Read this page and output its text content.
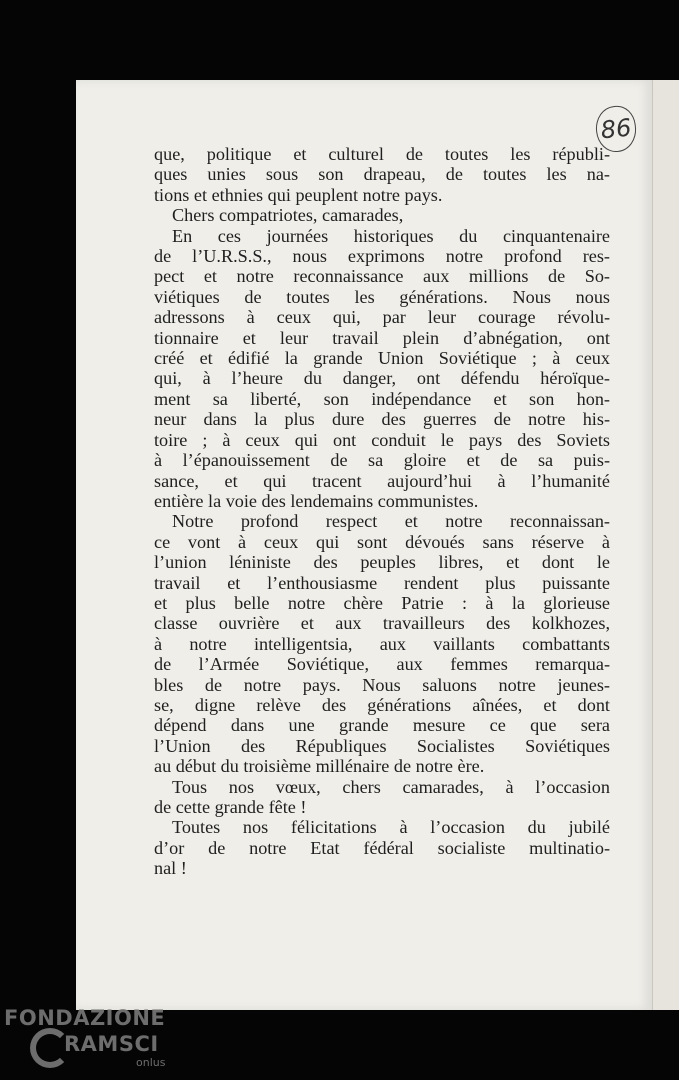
86
que, politique et culturel de toutes les républi-
ques unies sous son drapeau, de toutes les na-
tions et ethnies qui peuplent notre pays.
Chers compatriotes, camarades,
En ces journées historiques du cinquantenaire
de l’U.R.S.S., nous exprimons notre profond res-
pect et notre reconnaissance aux millions de So-
viétiques de toutes les générations. Nous nous
adressons à ceux qui, par leur courage révolu-
tionnaire et leur travail plein d’abnégation, ont
créé et édifié la grande Union Soviétique ; à ceux
qui, à l’heure du danger, ont défendu héroïque-
ment sa liberté, son indépendance et son hon-
neur dans la plus dure des guerres de notre his-
toire ; à ceux qui ont conduit le pays des Soviets
à l’épanouissement de sa gloire et de sa puis-
sance, et qui tracent aujourd’hui à l’humanité
entière la voie des lendemains communistes.
Notre profond respect et notre reconnaissan-
ce vont à ceux qui sont dévoués sans réserve à
l’union léniniste des peuples libres, et dont le
travail et l’enthousiasme rendent plus puissante
et plus belle notre chère Patrie : à la glorieuse
classe ouvrière et aux travailleurs des kolkhozes,
à notre intelligentsia, aux vaillants combattants
de l’Armée Soviétique, aux femmes remarqua-
bles de notre pays. Nous saluons notre jeunes-
se, digne relève des générations aînées, et dont
dépend dans une grande mesure ce que sera
l’Union des Républiques Socialistes Soviétiques
au début du troisième millénaire de notre ère.
Tous nos vœux, chers camarades, à l’occasion
de cette grande fête !
Toutes nos félicitations à l’occasion du jubilé
d’or de notre Etat fédéral socialiste multinatio-
nal !
FONDAZIONE
RAMSCI
onlus
